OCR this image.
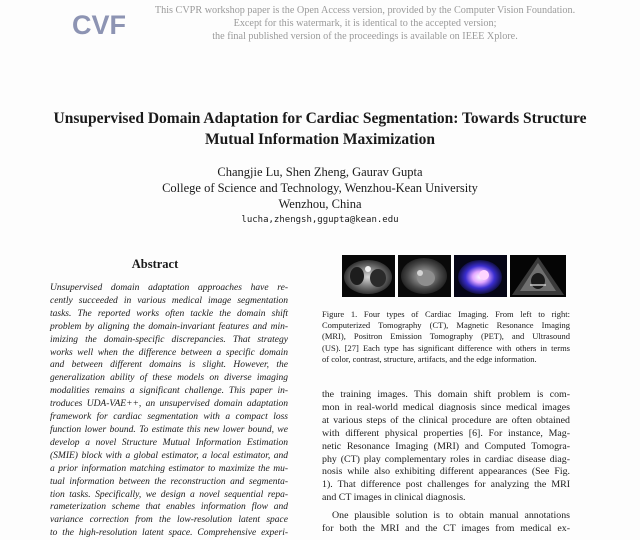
CVF	This CVPR workshop paper is the Open Access version, provided by the Computer Vision Foundation.
Except for this watermark, it is identical to the accepted version;
the final published version of the proceedings is available on IEEE Xplore.
Unsupervised Domain Adaptation for Cardiac Segmentation: Towards Structure
Mutual Information Maximization
Changjie Lu, Shen Zheng, Gaurav Gupta
College of Science and Technology, Wenzhou-Kean University
Wenzhou, China
lucha,zhengsh,ggupta@kean.edu
Abstract
Unsupervised domain adaptation approaches have re-
cently succeeded in various medical image segmentation
tasks. The reported works often tackle the domain shift
problem by aligning the domain-invariant features and min-
imizing the domain-specific discrepancies. That strategy
works well when the difference between a specific domain
and between different domains is slight. However, the
generalization ability of these models on diverse imaging
modalities remains a significant challenge. This paper in-
troduces UDA-VAE++, an unsupervised domain adaptation
framework for cardiac segmentation with a compact loss
function lower bound. To estimate this new lower bound, we
develop a novel Structure Mutual Information Estimation
(SMIE) block with a global estimator, a local estimator, and
a prior information matching estimator to maximize the mu-
tual information between the reconstruction and segmenta-
tion tasks. Specifically, we design a novel sequential repa-
rameterization scheme that enables information flow and
variance correction from the low-resolution latent space
to the high-resolution latent space. Comprehensive experi-
Figure 1. Four types of Cardiac Imaging. From left to right:
Computerized Tomography (CT), Magnetic Resonance Imaging
(MRI), Positron Emission Tomography (PET), and Ultrasound
(US). [27] Each type has significant difference with others in terms
of color, contrast, structure, artifacts, and the edge information.
the training images. This domain shift problem is com-
mon in real-world medical diagnosis since medical images
at various steps of the clinical procedure are often obtained
with different physical properties [6]. For instance, Mag-
netic Resonance Imaging (MRI) and Computed Tomogra-
phy (CT) play complementary roles in cardiac disease diag-
nosis while also exhibiting different appearances (See Fig.
1). That difference post challenges for analyzing the MRI
and CT images in clinical diagnosis.
One plausible solution is to obtain manual annotations
for both the MRI and the CT images from medical ex-
